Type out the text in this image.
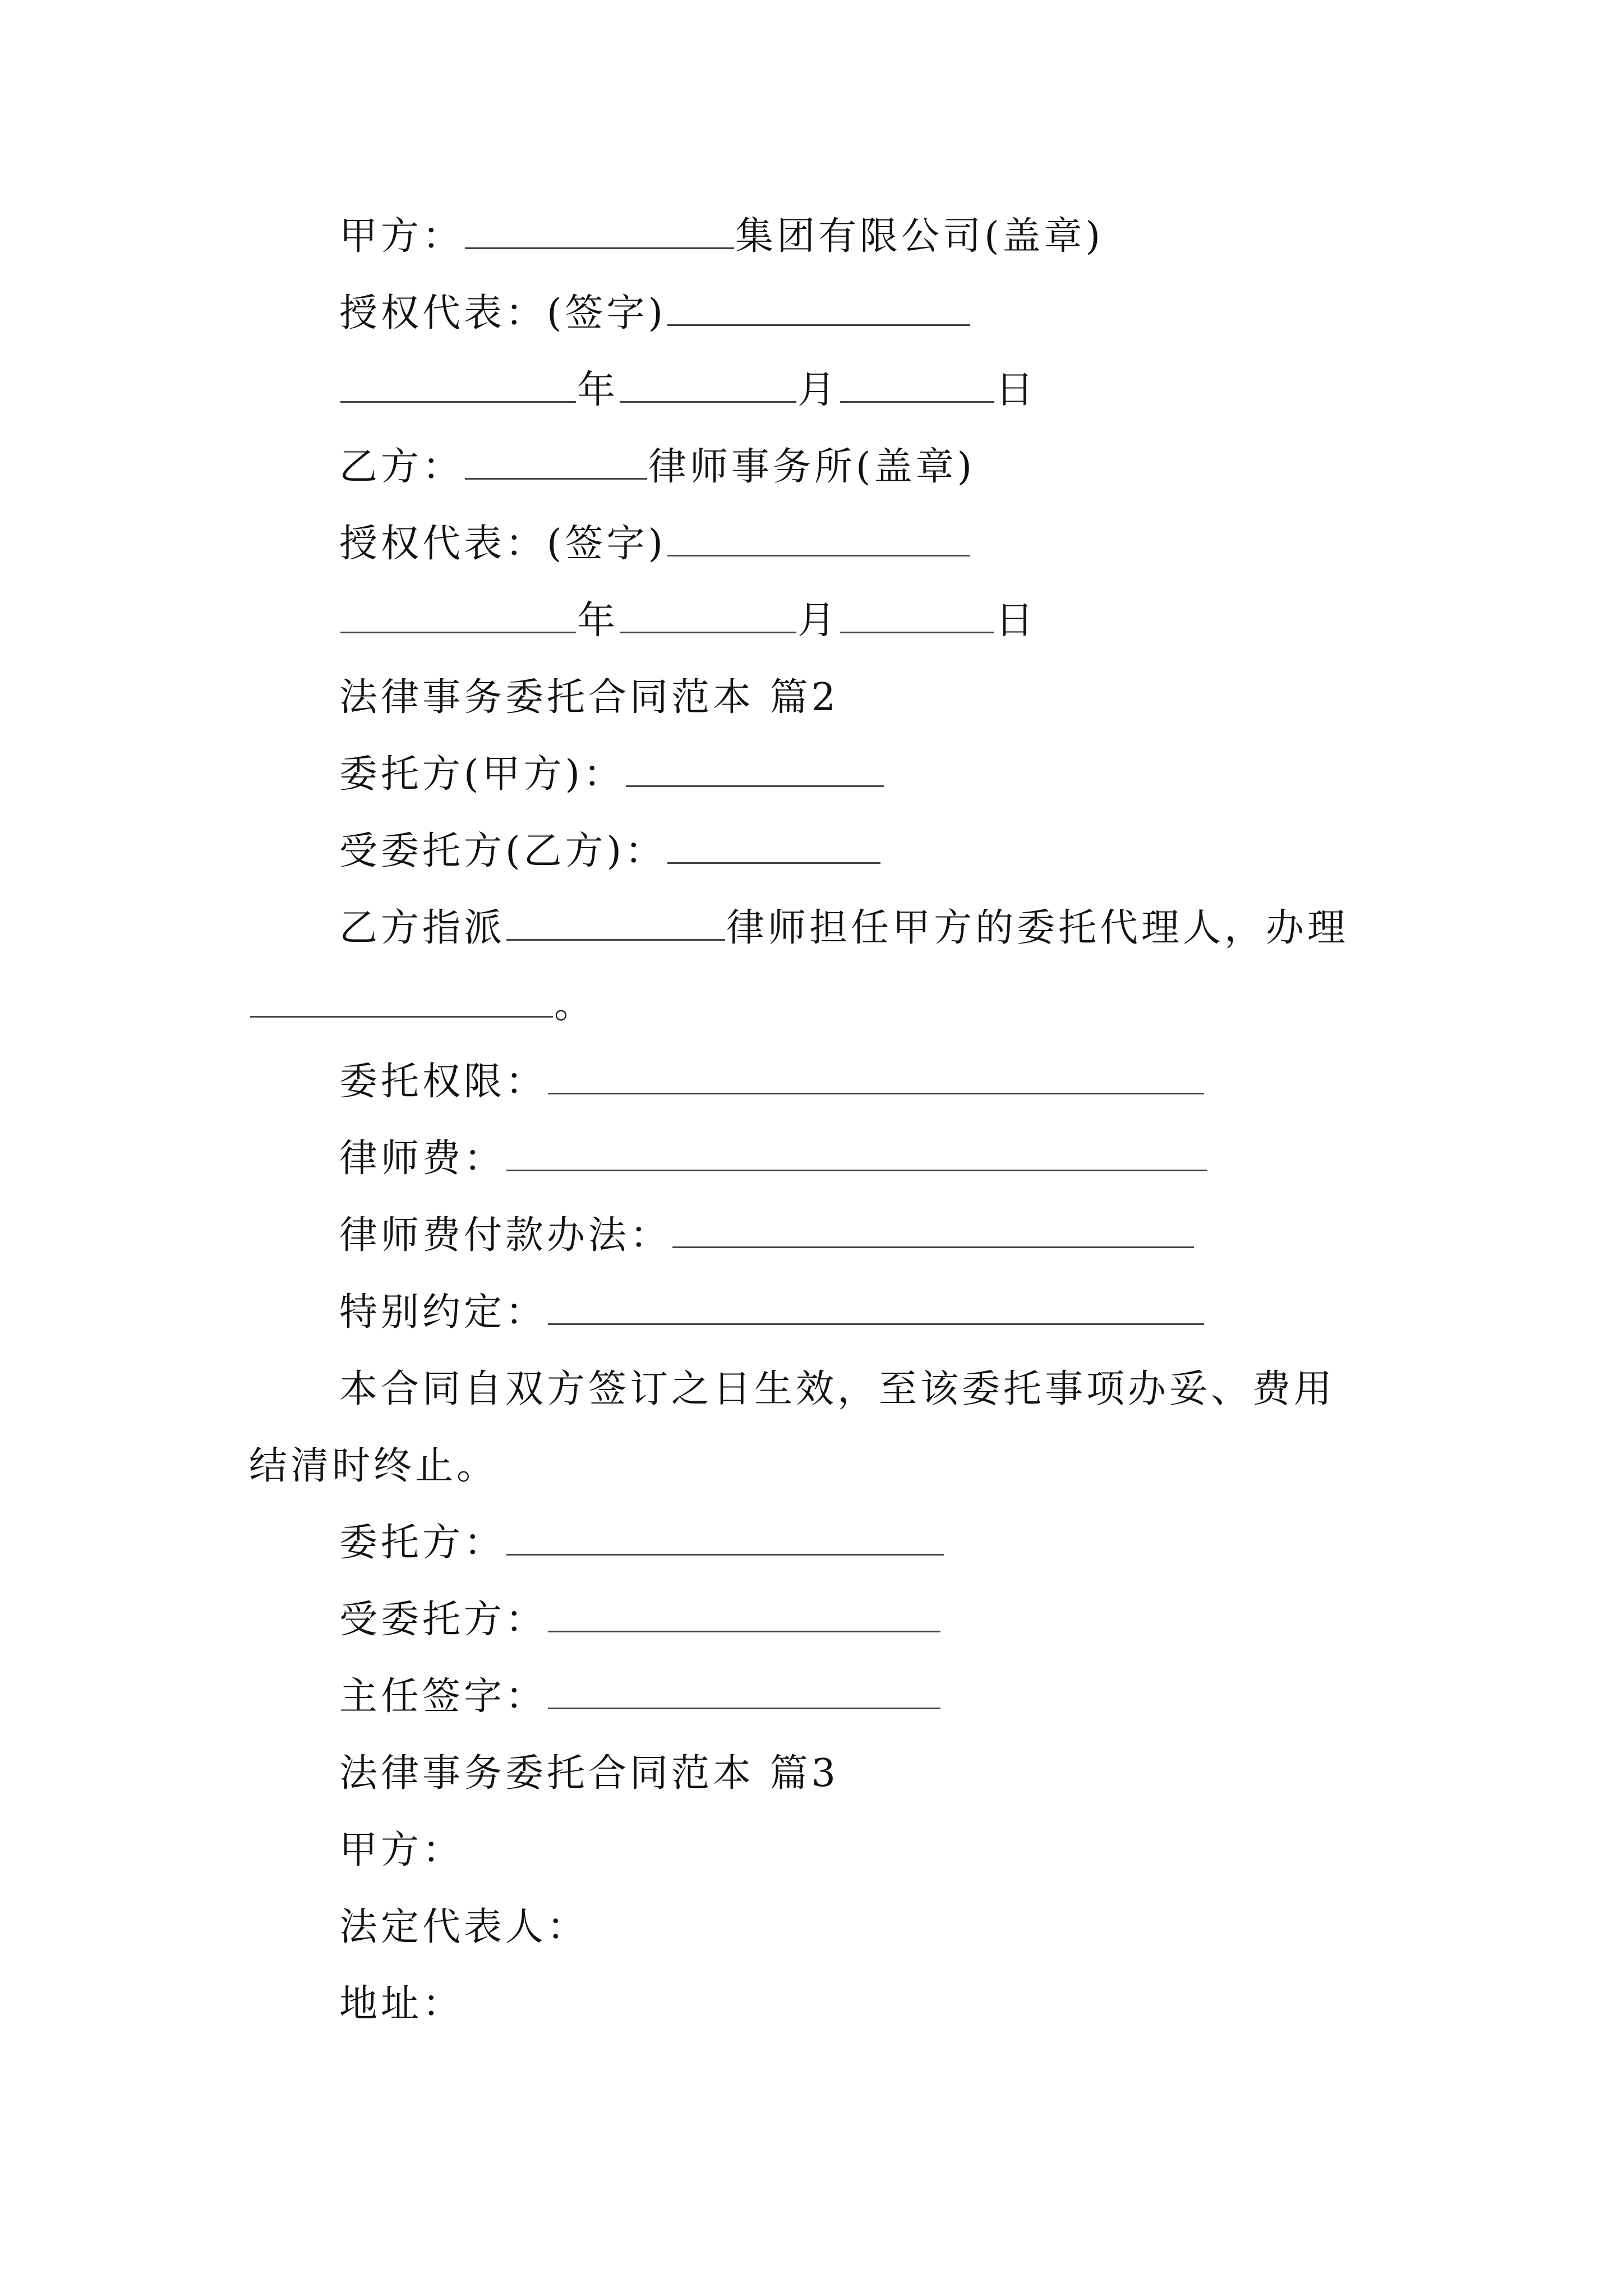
甲方：	集团有限公司(盖章)
授权代表：(签字)
年	月	日
乙方：	律师事务所(盖章)
授权代表：(签字)
年	月	日
法律事务委托合同范本 篇2
委托方(甲方)：
受委托方(乙方)：
乙方指派	律师担任甲方的委托代理人，办理
。
委托权限：
律师费：
律师费付款办法：
特别约定：
本合同自双方签订之日生效，至该委托事项办妥、费用
结清时终止。
委托方：
受委托方：
主任签字：
法律事务委托合同范本 篇3
甲方：
法定代表人：
地址：
